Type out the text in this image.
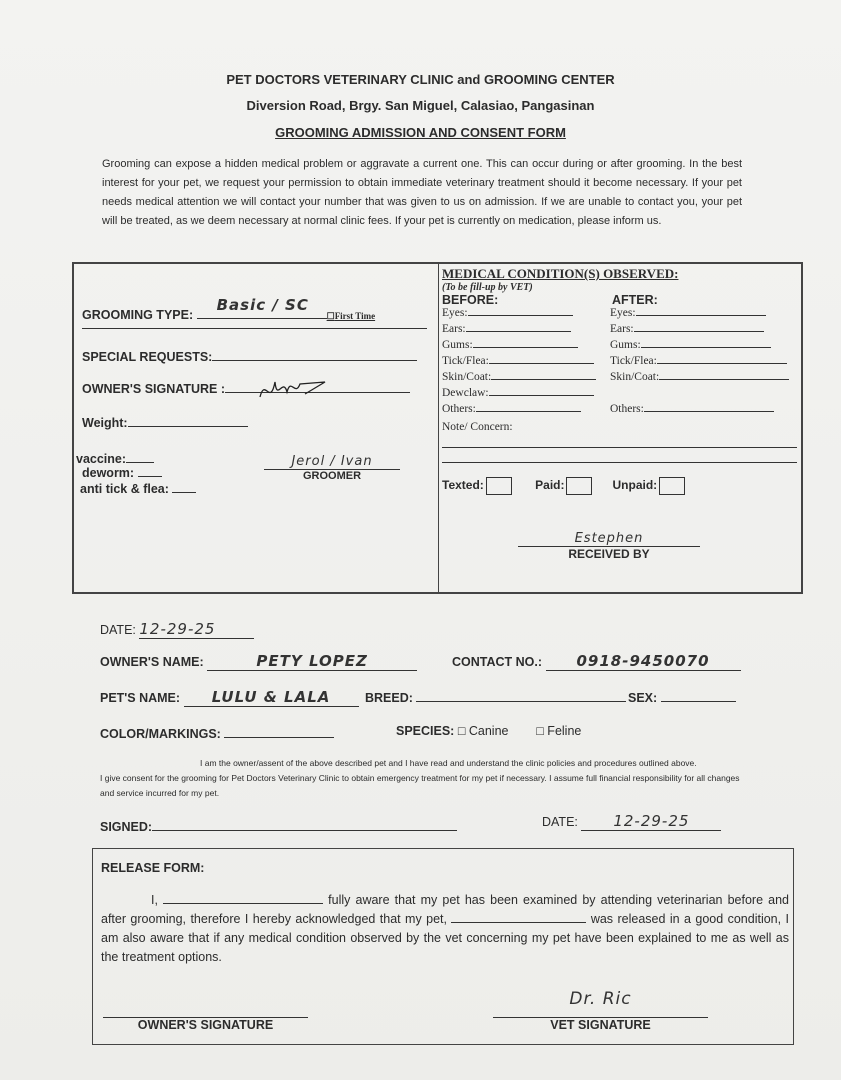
PET DOCTORS VETERINARY CLINIC and GROOMING CENTER
Diversion Road, Brgy. San Miguel, Calasiao, Pangasinan
GROOMING ADMISSION AND CONSENT FORM
Grooming can expose a hidden medical problem or aggravate a current one. This can occur during or after grooming. In the best interest for your pet, we request your permission to obtain immediate veterinary treatment should it become necessary. If your pet needs medical attention we will contact your number that was given to us on admission. If we are unable to contact you, your pet will be treated, as we deem necessary at normal clinic fees. If your pet is currently on medication, please inform us.
GROOMING TYPE:
Basic / SC
☐First Time
SPECIAL REQUESTS:
OWNER'S SIGNATURE :
Weight:
vaccine:
deworm:
anti tick & flea:
Jerol / Ivan
GROOMER
MEDICAL CONDITION(S) OBSERVED:
(To be fill-up by VET)
BEFORE:	AFTER:
Eyes:	Eyes:
Ears:	Ears:
Gums:	Gums:
Tick/Flea:	Tick/Flea:
Skin/Coat:	Skin/Coat:
Dewclaw:
Others:	Others:
Note/ Concern:
Texted:	Paid:	Unpaid:
Estephen
RECEIVED BY
DATE: 12-29-25
OWNER'S NAME:	PETY LOPEZ	CONTACT NO.: 0918-9450070
PET'S NAME: LULU & LALA	BREED:	SEX:
COLOR/MARKINGS:	SPECIES: □ Canine □ Feline

I am the owner/assent of the above described pet and I have read and understand the clinic policies and procedures outlined above.

I give consent for the grooming for Pet Doctors Veterinary Clinic to obtain emergency treatment for my pet if necessary. I assume full financial responsibility for all changes and service incurred for my pet.

SIGNED:	DATE: 12-29-25
RELEASE FORM:
I,	fully aware that my pet has been examined by attending veterinarian before and after grooming, therefore I hereby acknowledged that my pet,	was released in a good condition, I am also aware that if any medical condition observed by the vet concerning my pet have been explained to me as well as the treatment options.
OWNER'S SIGNATURE
Dr. Ric
VET SIGNATURE
